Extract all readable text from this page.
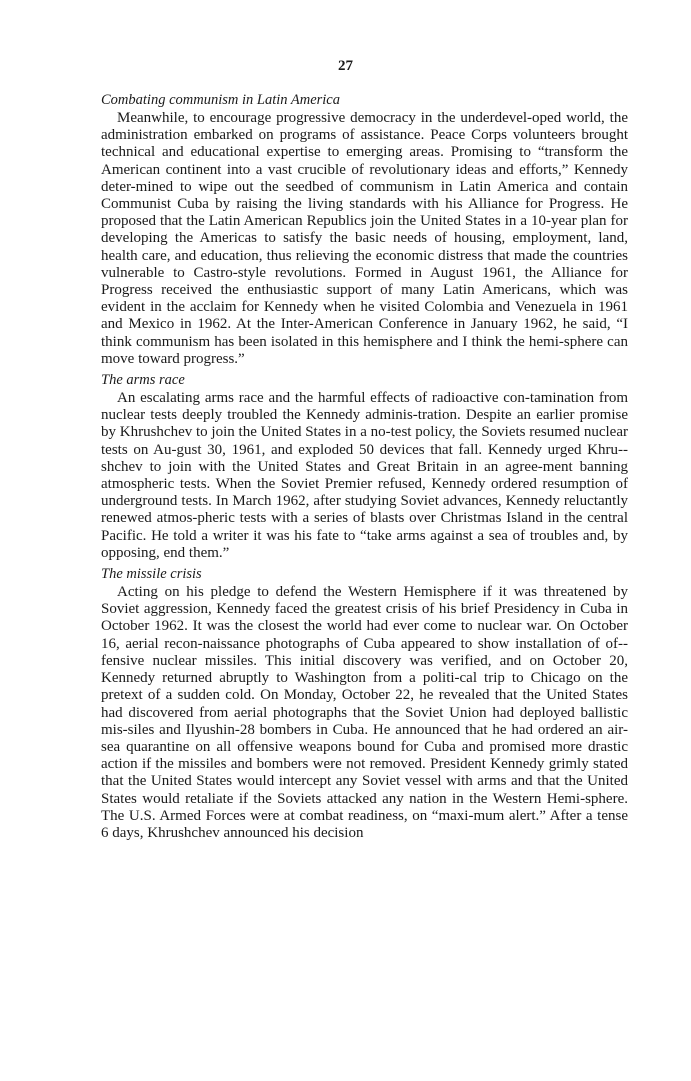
27

Combating communism in Latin America

Meanwhile, to encourage progressive democracy in the underdevel-oped world, the administration embarked on programs of assistance. Peace Corps volunteers brought technical and educational expertise to emerging areas. Promising to “transform the American continent into a vast crucible of revolutionary ideas and efforts,” Kennedy deter-mined to wipe out the seedbed of communism in Latin America and contain Communist Cuba by raising the living standards with his Alliance for Progress. He proposed that the Latin American Republics join the United States in a 10-year plan for developing the Americas to satisfy the basic needs of housing, employment, land, health care, and education, thus relieving the economic distress that made the countries vulnerable to Castro-style revolutions. Formed in August 1961, the Alliance for Progress received the enthusiastic support of many Latin Americans, which was evident in the acclaim for Kennedy when he visited Colombia and Venezuela in 1961 and Mexico in 1962. At the Inter-American Conference in January 1962, he said, “I think communism has been isolated in this hemisphere and I think the hemi-sphere can move toward progress.”

The arms race

An escalating arms race and the harmful effects of radioactive con-tamination from nuclear tests deeply troubled the Kennedy adminis-tration. Despite an earlier promise by Khrushchev to join the United States in a no-test policy, the Soviets resumed nuclear tests on Au-gust 30, 1961, and exploded 50 devices that fall. Kennedy urged Khru-shchev to join with the United States and Great Britain in an agree-ment banning atmospheric tests. When the Soviet Premier refused, Kennedy ordered resumption of underground tests. In March 1962, after studying Soviet advances, Kennedy reluctantly renewed atmos-pheric tests with a series of blasts over Christmas Island in the central Pacific. He told a writer it was his fate to “take arms against a sea of troubles and, by opposing, end them.”

The missile crisis

Acting on his pledge to defend the Western Hemisphere if it was threatened by Soviet aggression, Kennedy faced the greatest crisis of his brief Presidency in Cuba in October 1962. It was the closest the world had ever come to nuclear war. On October 16, aerial recon-naissance photographs of Cuba appeared to show installation of of-fensive nuclear missiles. This initial discovery was verified, and on October 20, Kennedy returned abruptly to Washington from a politi-cal trip to Chicago on the pretext of a sudden cold. On Monday, October 22, he revealed that the United States had discovered from aerial photographs that the Soviet Union had deployed ballistic mis-siles and Ilyushin-28 bombers in Cuba. He announced that he had ordered an air-sea quarantine on all offensive weapons bound for Cuba and promised more drastic action if the missiles and bombers were not removed. President Kennedy grimly stated that the United States would intercept any Soviet vessel with arms and that the United States would retaliate if the Soviets attacked any nation in the Western Hemi-sphere. The U.S. Armed Forces were at combat readiness, on “maxi-mum alert.” After a tense 6 days, Khrushchev announced his decision
